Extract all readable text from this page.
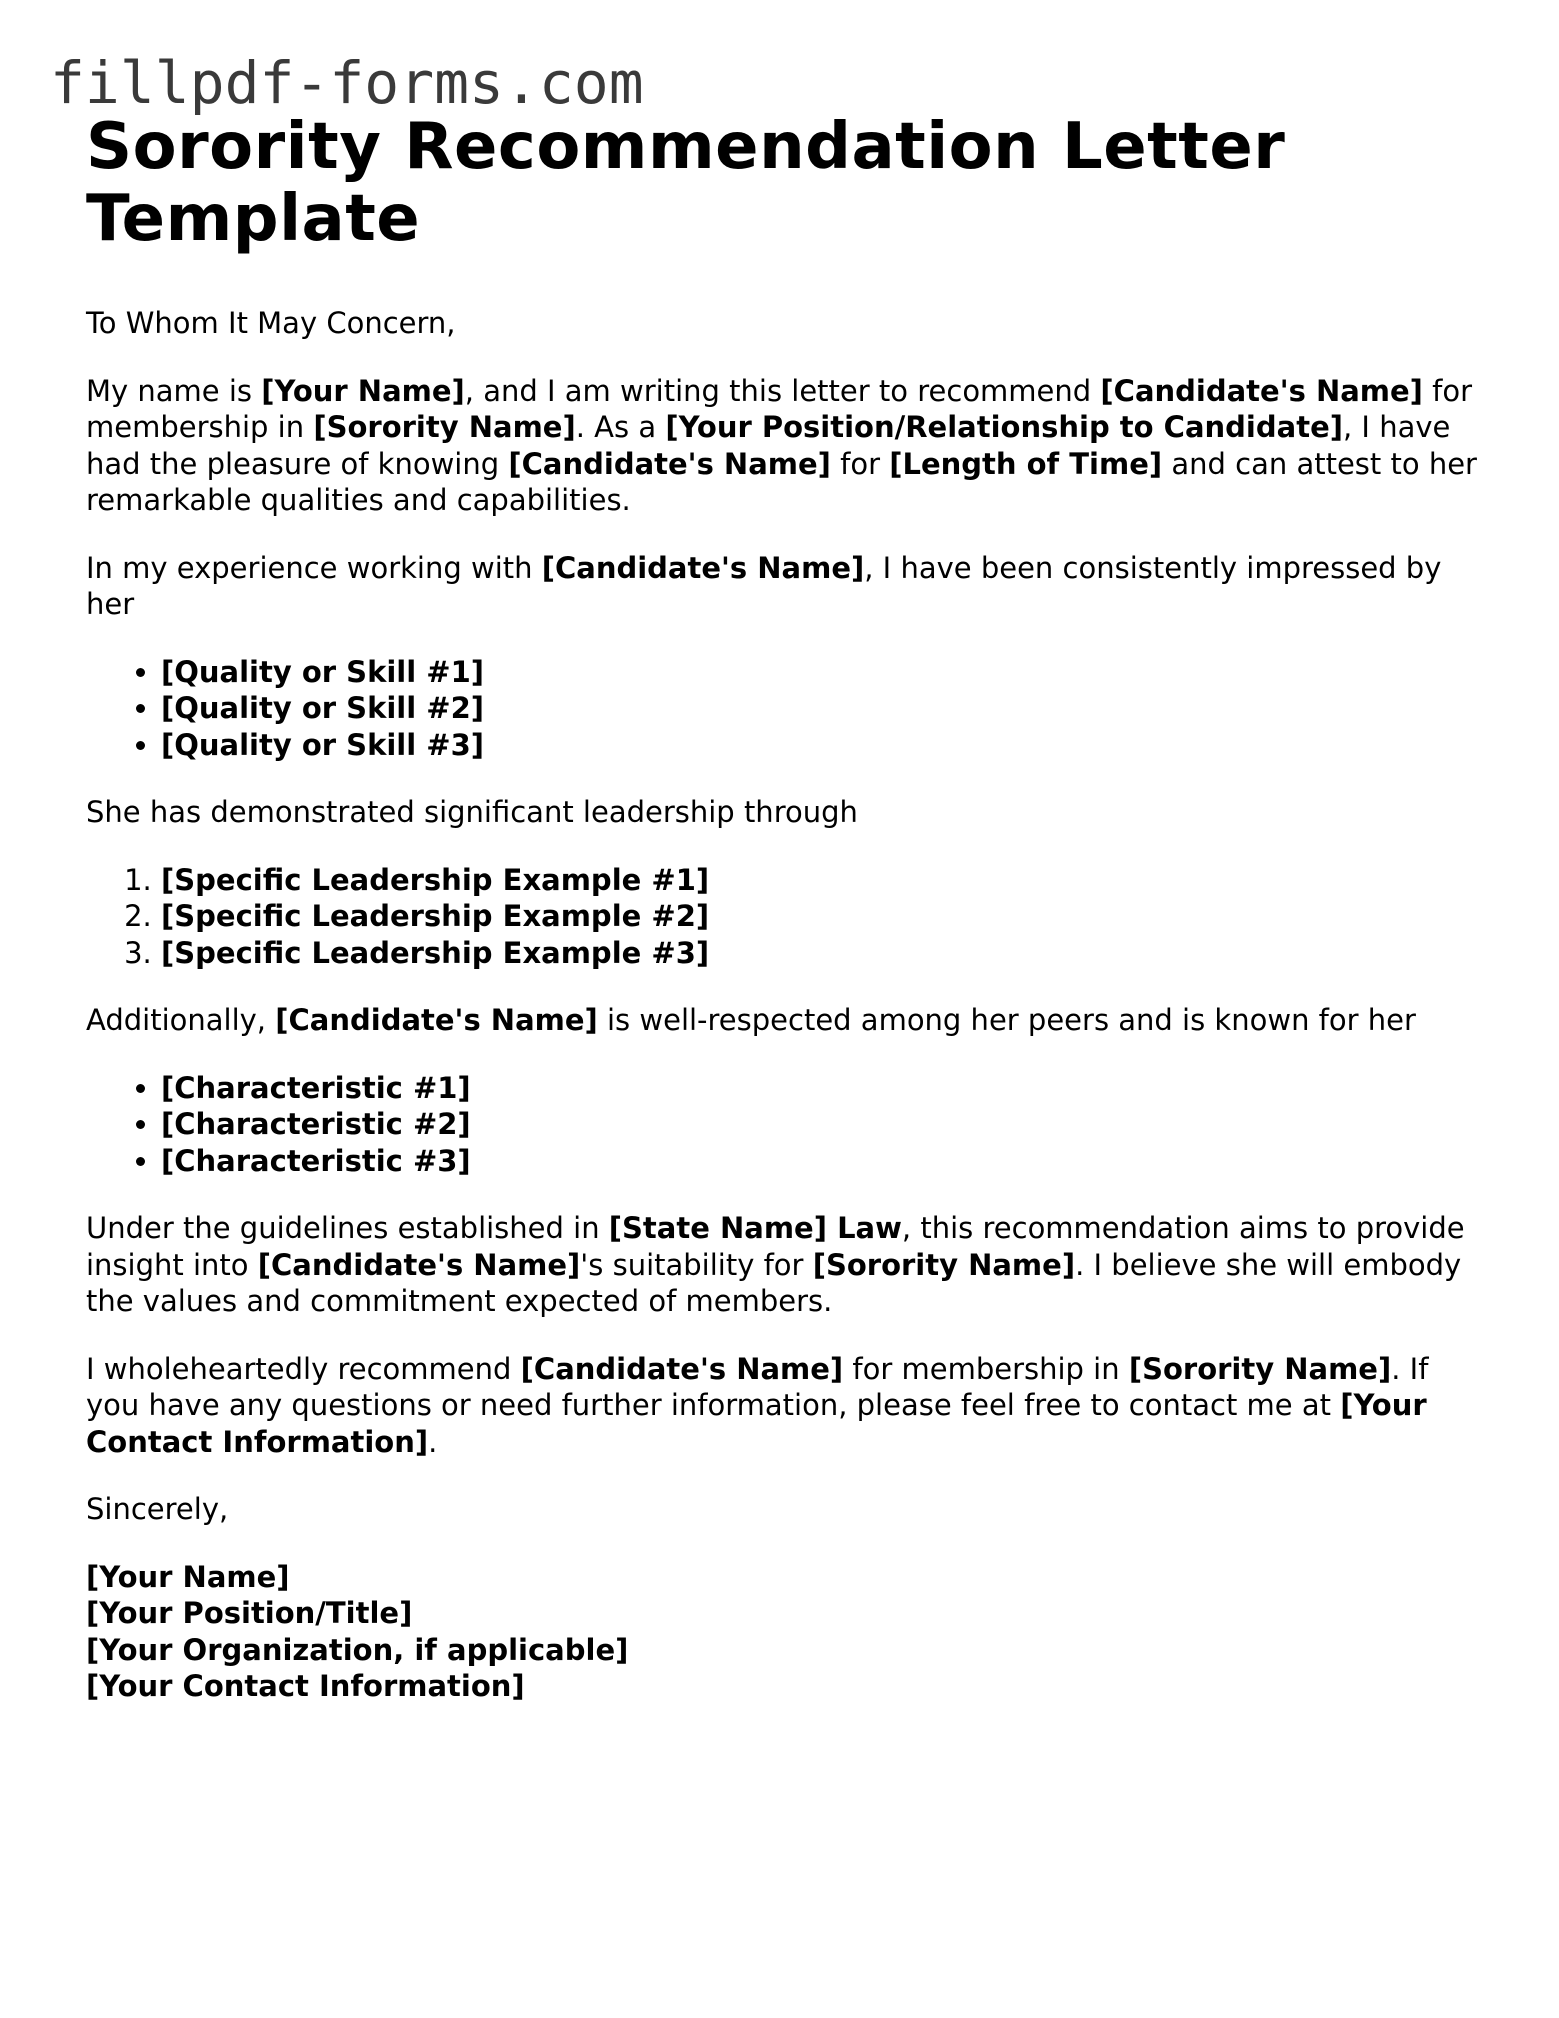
fillpdf-forms.com
Sorority Recommendation Letter Template

To Whom It May Concern,

My name is [Your Name], and I am writing this letter to recommend [Candidate's Name] for membership in [Sorority Name]. As a [Your Position/Relationship to Candidate], I have had the pleasure of knowing [Candidate's Name] for [Length of Time] and can attest to her remarkable qualities and capabilities.

In my experience working with [Candidate's Name], I have been consistently impressed by her

• [Quality or Skill #1]
• [Quality or Skill #2]
• [Quality or Skill #3]

She has demonstrated significant leadership through

1. [Specific Leadership Example #1]
2. [Specific Leadership Example #2]
3. [Specific Leadership Example #3]

Additionally, [Candidate's Name] is well-respected among her peers and is known for her

• [Characteristic #1]
• [Characteristic #2]
• [Characteristic #3]

Under the guidelines established in [State Name] Law, this recommendation aims to provide insight into [Candidate's Name]'s suitability for [Sorority Name]. I believe she will embody the values and commitment expected of members.

I wholeheartedly recommend [Candidate's Name] for membership in [Sorority Name]. If you have any questions or need further information, please feel free to contact me at [Your Contact Information].

Sincerely,

[Your Name]
[Your Position/Title]
[Your Organization, if applicable]
[Your Contact Information]
